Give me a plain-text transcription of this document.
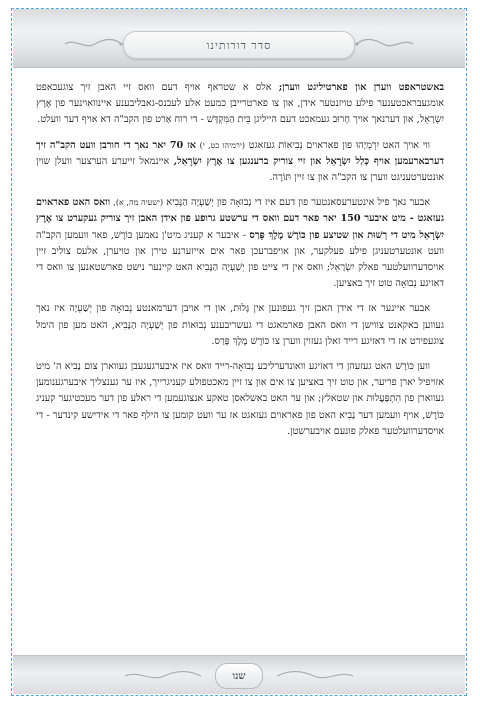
סדר דורותינו

באשטראפט ווערן און פארטיליגט ווערן; אלס א שטראף אויף דעם וואס זיי האבן זיך צוגעכאפט אומגעבראכטענער פילע טויזנטער אידן, און צו פארטרייבן כמעט אלע לעבנס-גאבליבענע איינוואוינער פון אֶרֶץ יִשְׂרָאֵל, און דערנאך אויך חָרוּב געמאכט דעם הייליגן בֵּית הַמִּקְדָּשׁ - די רוח אַרט פון הקב"ה דא אויף דער וועלט.

ווי אויך האט יִרְמְיָהוּ פון פאראוים נְבִיאוֹת געזאגט (ירמיהו כט, י) אז 70 יאר נאך די חורבן וועט הקב"ה זיך דערבארעמען אויף כְּלַל יִשְׂרָאֵל און זיי צוריק ברענגען צו אֶרֶץ יִשְׂרָאֵל, איינמאל זייערע הערצער וועלן שוין אונטערטעניגט ווערן צו הקב"ה און צו זיין תּוֹרָה.

אבער נאך פיל אינטערעסאנטער פון דעם איז די נְבוּאָה פון יְשַׁעְיָה הַנָּבִיא (ישעיה מה, א), וואס האט פאראוים געזאגט - מיט איבער 150 יאר פאר דעם וואס די ערשטע גרופע פון אידן האבן זיך צוריק געקערט צו אֶרֶץ יִשְׂרָאֵל מיט די רְשׁוּת און שטיצע פון כּוֹרֶשׁ מֶלֶךְ פָּרַס - איבער א קעניג מיט'ן נאמען כּוֹרֶשׁ, פאר וועמען הקב"ה וועט אונטערטעניגן פילע פעלקער, און אויפברעכן פאר אים אייזערנע טירן און טויערן, אלעס צוליב זיין אויסדערוועלטער פאלק יִשְׂרָאֵל; וואס אין די צייט פון יְשַׁעְיָה הַנָּבִיא האט קיינער נישט פארשטאנען צו וואס די דאזיגע נְבוּאָה טוט זיך באציען.

אבער איינער אז די אידן האבן זיך געפונען אין גָּלוּת, און די אויבן דערמאנטע נְבוּאָה פון יְשַׁעְיָה איז נאך געווען באקאנט צווישן די וואס האבן פארמאגט די געשריבענע נְבוּאוֹת פון יְשַׁעְיָה הַנָּבִיא, האט מען פון הימל צוגעפירט אז די דאזיגע רייד זאלן געזוין ווערן צו כּוֹרֶשׁ מֶלֶךְ פָּרַס.

ווען כּוֹרֶשׁ האט געזעהן די דאזיגע וואונדערליכע נְבוּאָה-רייד וואס איז איבערגעגעבן געווארן צום נָבִיא ה' מיט אזויפיל יארן פריער, און טוט זיך באציען צו אים און צו זיין מאכטפולע קעניגרייך, איז ער גענצליך איבערגענומען געווארן פון הִתְפַּעֲלוּת און שטאלץ; און ער האט באשלאסן טאקע אנצוגעמען די ראלע פון דער מעכטיגער קעניג כּוֹרֶשׁ, אויף וועמען דער נָבִיא האט פון פאראוים געזאגט אז ער וועט קומען צו הילף פאר די אידישע קינדער - די אויסדערוועלטער פאלק פונעם אויבערשטן.

שנו
